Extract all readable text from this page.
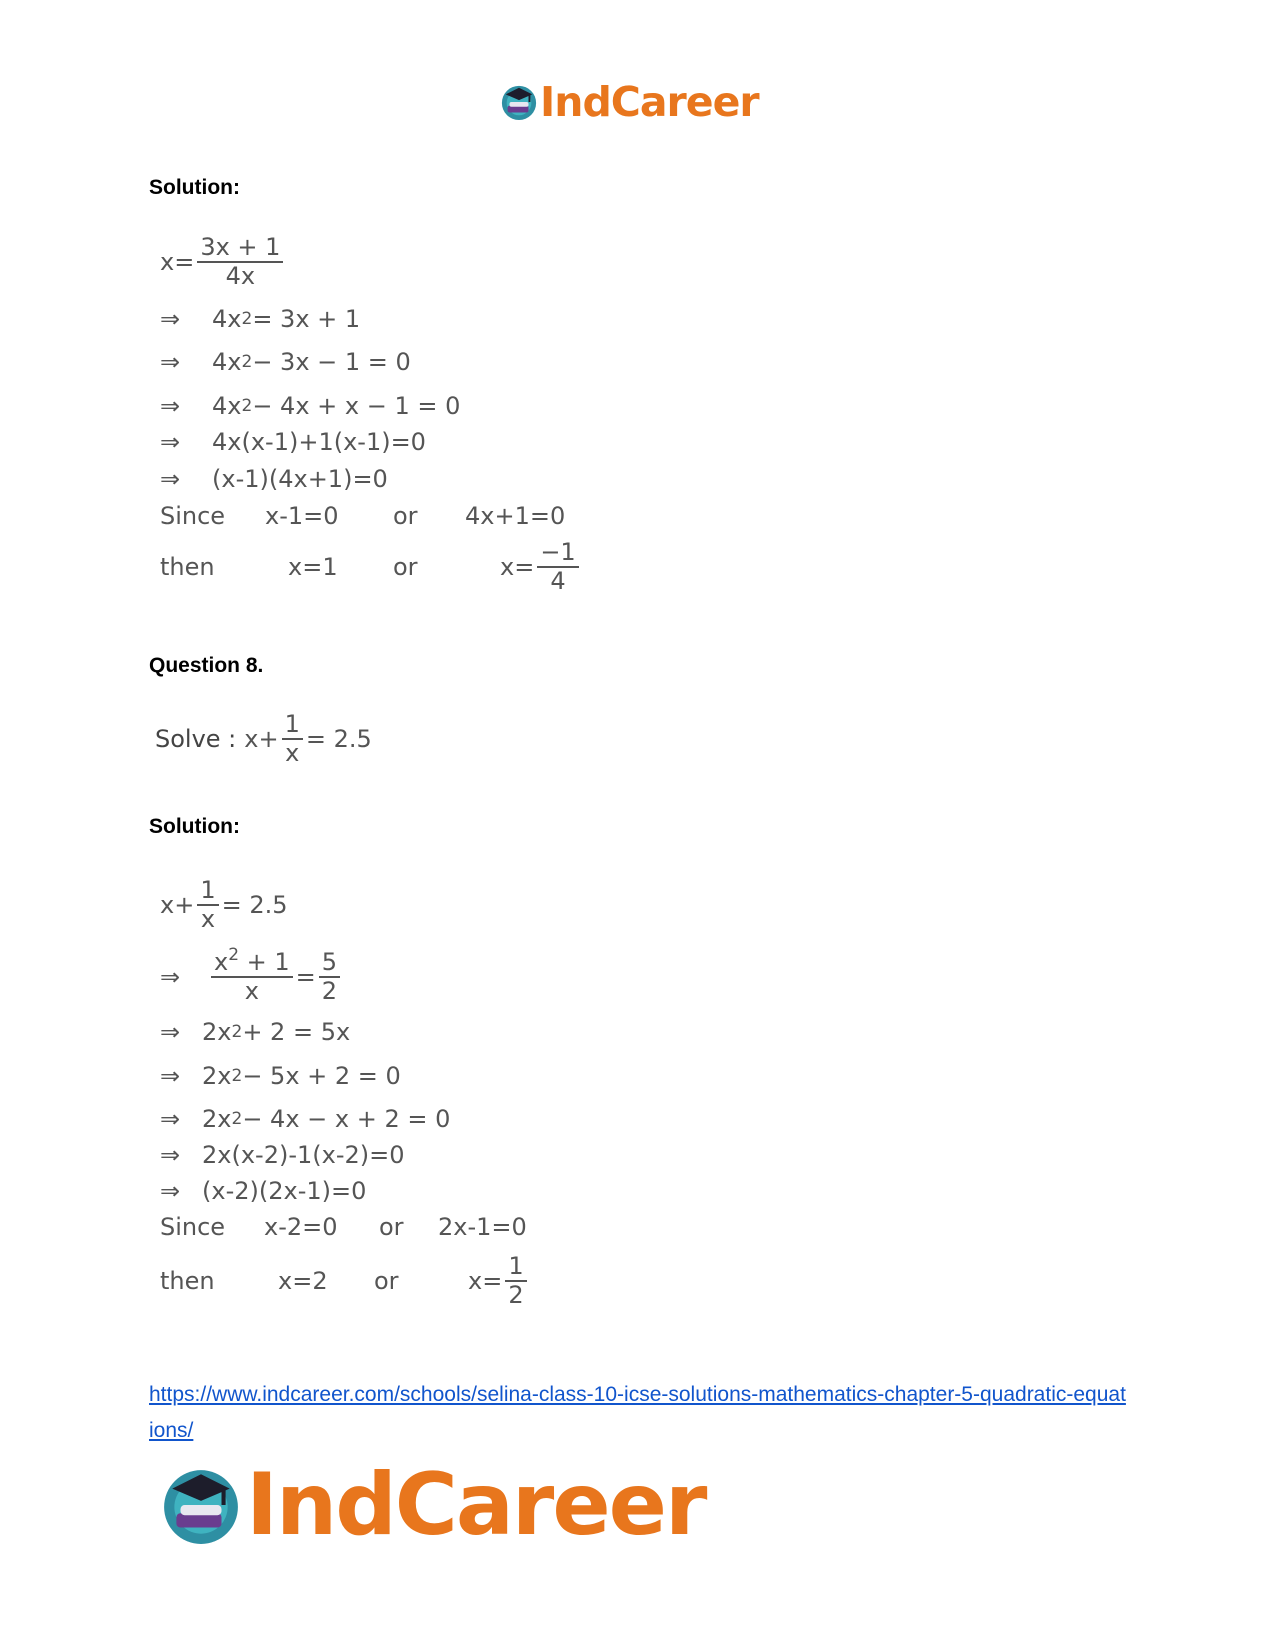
IndCareer
Solution:
$x= \frac{3x + 1}{4x}$
⇒	4x 2 = 3x + 1
⇒	4x 2 − 3x − 1 = 0
⇒	4x 2 − 4x + x − 1 = 0
⇒	4x(x-1)+1(x-1)=0
⇒	(x-1)(4x+1)=0
Since	x-1=0	or	4x+1=0
then	x=1	or	$x= \frac{-1}{4}$
Question 8.
Solve : $x+ \frac{1}{x} = 2.5$
Solution:
$x+ \frac{1}{x} = 2.5$
⇒	$\frac{x^2 + 1}{x} = \frac{5}{2}$
⇒ 2x 2 + 2 = 5x
⇒ 2x 2 − 5x + 2 = 0
⇒ 2x 2 − 4x − x + 2 = 0
⇒ 2x(x-2)-1(x-2)=0
⇒ (x-2)(2x-1)=0
Since	x-2=0	or	2x-1=0
then	x=2	or	$x= \frac{1}{2}$
https://www.indcareer.com/schools/selina-class-10-icse-solutions-mathematics-chapter-5-quadratic-equations/
IndCareer
